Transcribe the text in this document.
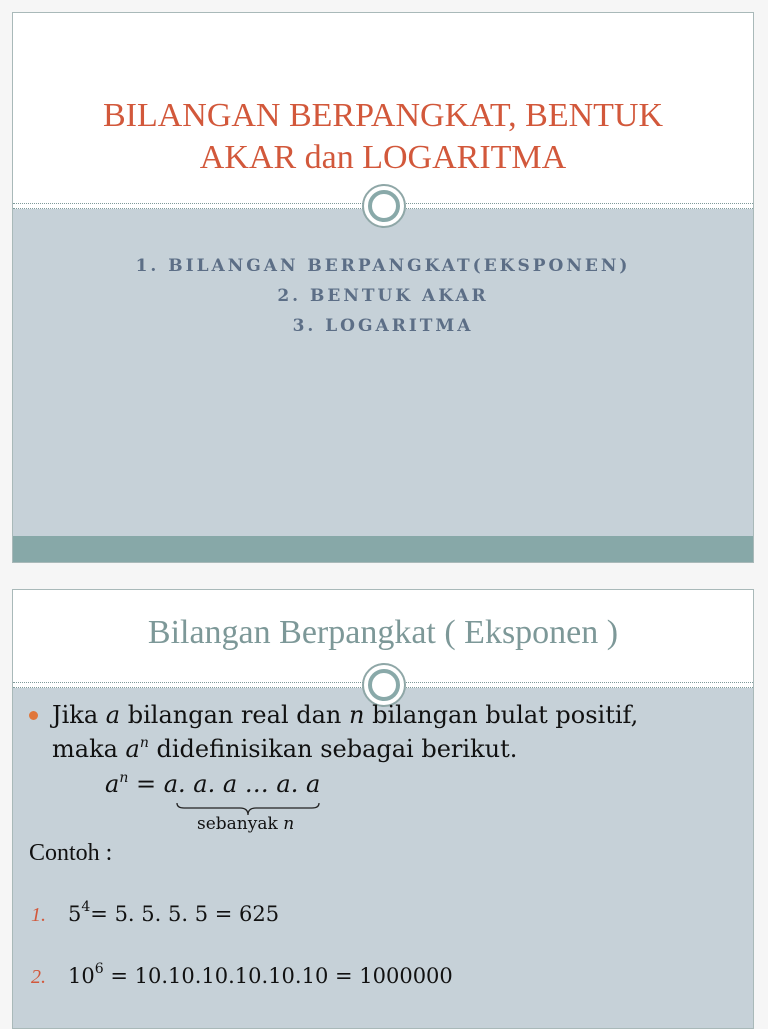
BILANGAN BERPANGKAT, BENTUK
AKAR dan LOGARITMA
1. BILANGAN BERPANGKAT(EKSPONEN)
2. BENTUK AKAR
3. LOGARITMA
Bilangan Berpangkat ( Eksponen )
Jika a bilangan real dan n bilangan bulat positif,
maka $a^n$ didefinisikan sebagai berikut.
$a^n = a$. a. a … a. a
sebanyak n
Contoh :
1. $5^4= 5$. 5. 5. 5 = 625
2. $10^6 = 10.10.10.10.10.10 = 1000000$
